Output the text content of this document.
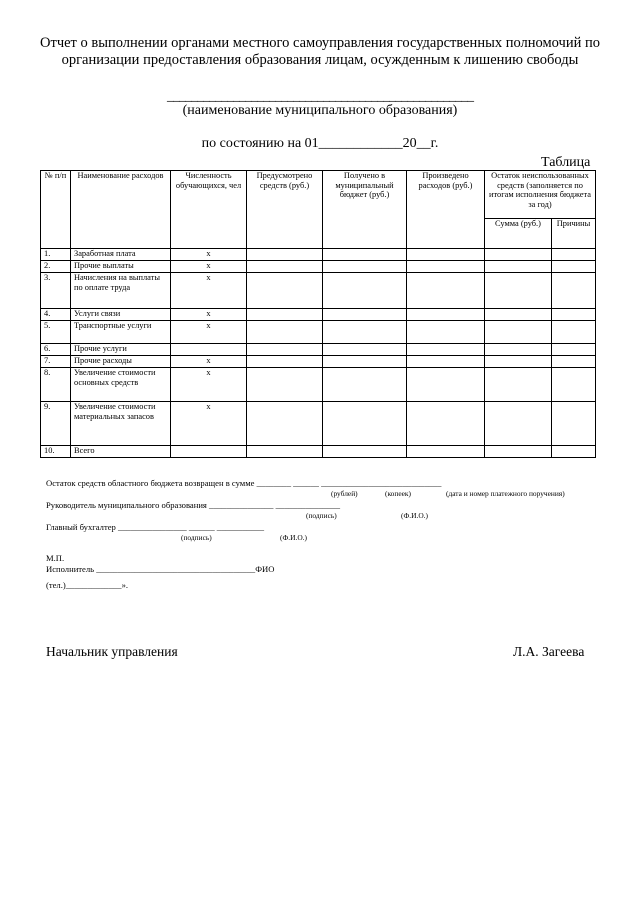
Отчет о выполнении органами местного самоуправления государственных полномочий по организации предоставления образования лицам, осужденным к лишению свободы
___________________________________________________
(наименование муниципального образования)
по состоянию на 01____________20__г.
Таблица
№ п/п	Наименование расходов	Численность обучающихся, чел	Предусмотрено средств (руб.)	Получено в муниципальный бюджет (руб.)	Произведено расходов (руб.)	Остаток неиспользованных средств (заполняется по итогам исполнения бюджета за год)	
						Сумма (руб.)	Причины
1.	Заработная плата	х					
2.	Прочие выплаты	х					
3.	Начисления на выплаты по оплате труда	х					
4.	Услуги связи	х					
5.	Транспортные услуги	х					
6.	Прочие услуги						
7.	Прочие расходы	х					
8.	Увеличение стоимости основных средств	х					
9.	Увеличение стоимости материальных запасов	х					
10.	Всего						
Остаток средств областного бюджета возвращен в сумме ________ ______ ____________________________
(рублей)	(копеек)	(дата и номер платежного поручения)
Руководитель муниципального образования _______________ _______________
(подпись)	(Ф.И.О.)
Главный бухгалтер ________________ ______ ___________
(подпись)	(Ф.И.О.)
М.П.
Исполнитель _____________________________________ФИО
(тел.)_____________».
Начальник управления	Л.А. Загеева
